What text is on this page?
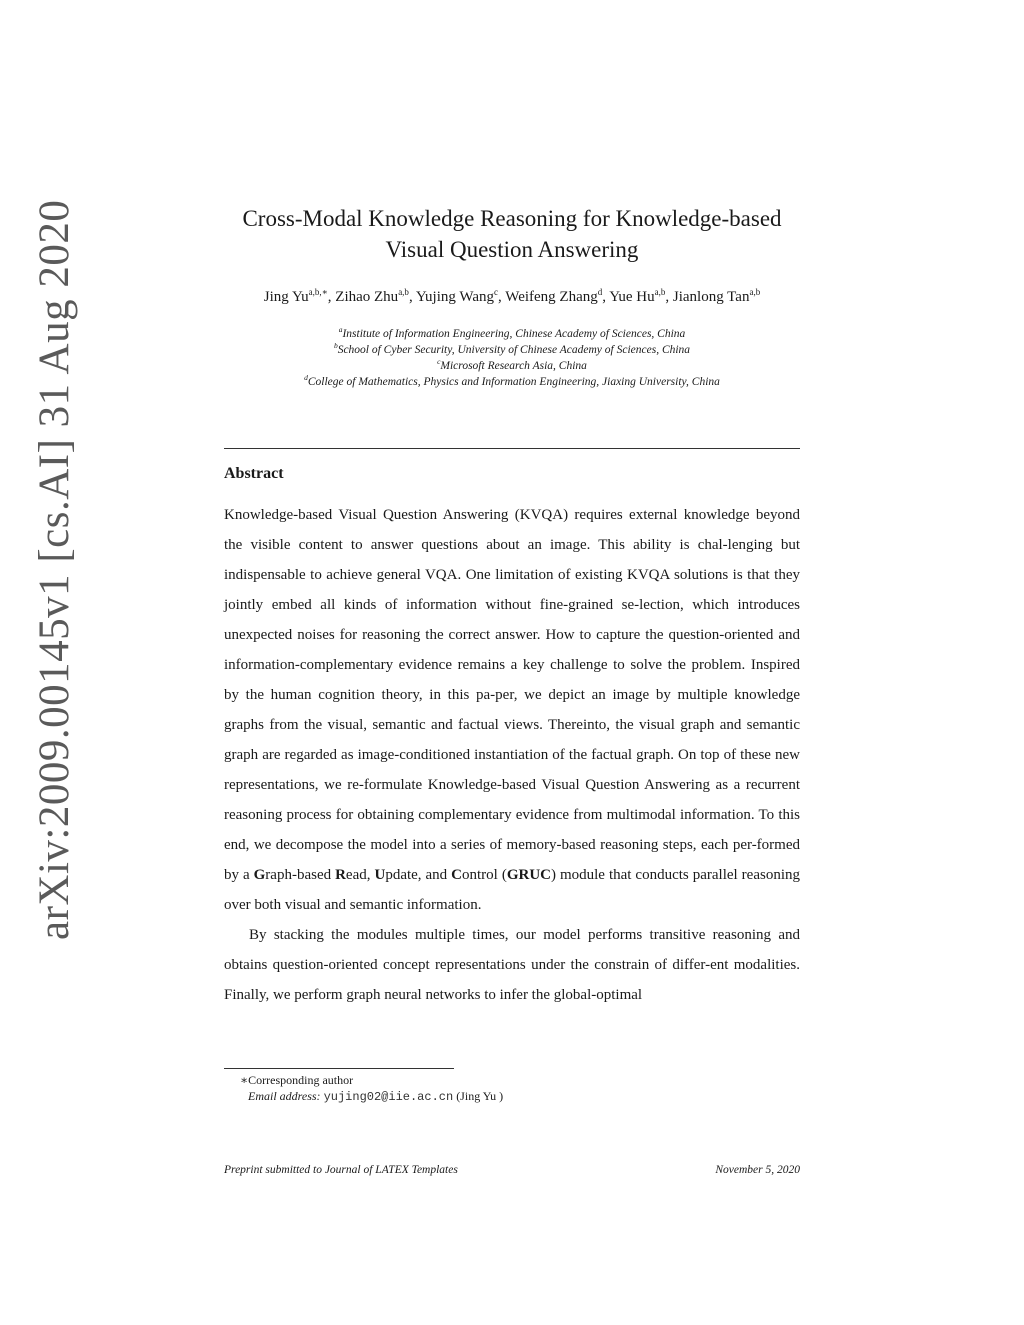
arXiv:2009.00145v1 [cs.AI] 31 Aug 2020	Cross-Modal Knowledge Reasoning for Knowledge-based
Visual Question Answering
Jing $Yu^{a,b,∗}$, Zihao Zhu$^{a,b}$, Yujing Wang$^c$, Weifeng Zhang$^d$, Yue Hu$^{a,b}$, Jianlong Tan$^{a,b}$
$^a$Institute of Information Engineering, Chinese Academy of Sciences, China
$^b$School of Cyber Security, University of Chinese Academy of Sciences, China
$^c$Microsoft Research Asia, China
$^d$College of Mathematics, Physics and Information Engineering, Jiaxing University, China
Abstract

Knowledge-based Visual Question Answering (KVQA) requires external knowledge beyond the visible content to answer questions about an image. This ability is chal-lenging but indispensable to achieve general VQA. One limitation of existing KVQA solutions is that they jointly embed all kinds of information without fine-grained se-lection, which introduces unexpected noises for reasoning the correct answer. How to capture the question-oriented and information-complementary evidence remains a key challenge to solve the problem. Inspired by the human cognition theory, in this pa-per, we depict an image by multiple knowledge graphs from the visual, semantic and factual views. Thereinto, the visual graph and semantic graph are regarded as image-conditioned instantiation of the factual graph. On top of these new representations, we re-formulate Knowledge-based Visual Question Answering as a recurrent reasoning process for obtaining complementary evidence from multimodal information. To this end, we decompose the model into a series of memory-based reasoning steps, each per-formed by a Graph-based Read, Update, and Control (GRUC) module that conducts parallel reasoning over both visual and semantic information.

By stacking the modules multiple times, our model performs transitive reasoning and obtains question-oriented concept representations under the constrain of differ-ent modalities. Finally, we perform graph neural networks to infer the global-optimal

∗Corresponding author
Email address: yujing02@iie.ac.cn (Jing Yu )
Preprint submitted to Journal of LATEX Templates	November 5, 2020
